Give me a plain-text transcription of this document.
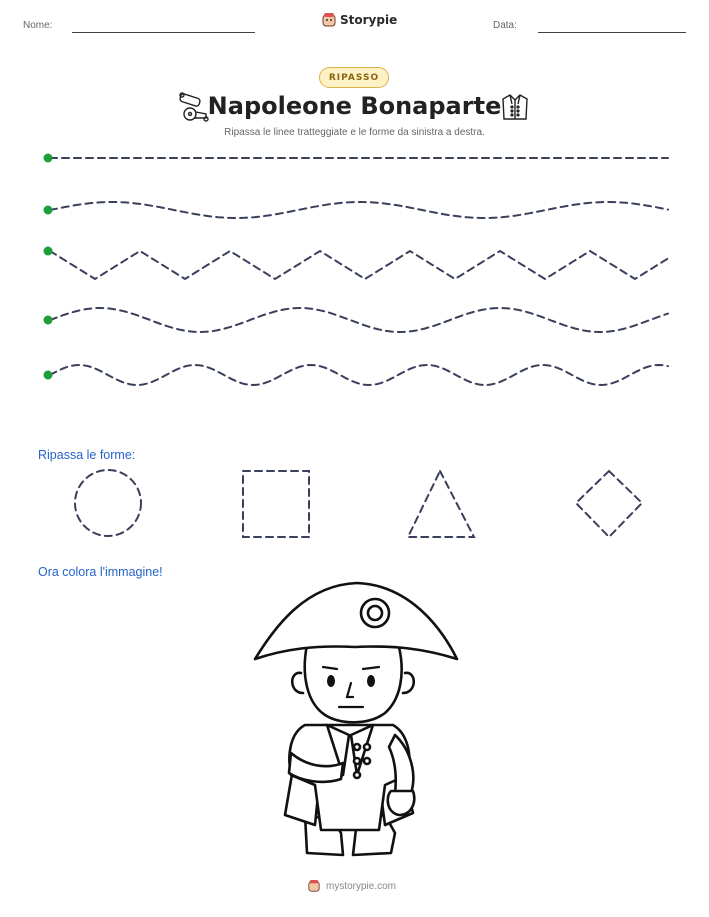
Nome:	Storypie	Data:
RIPASSO
Napoleone Bonaparte
Ripassa le linee tratteggiate e le forme da sinistra a destra.
Ripassa le forme:
Ora colora l'immagine!
mystorypie.com
